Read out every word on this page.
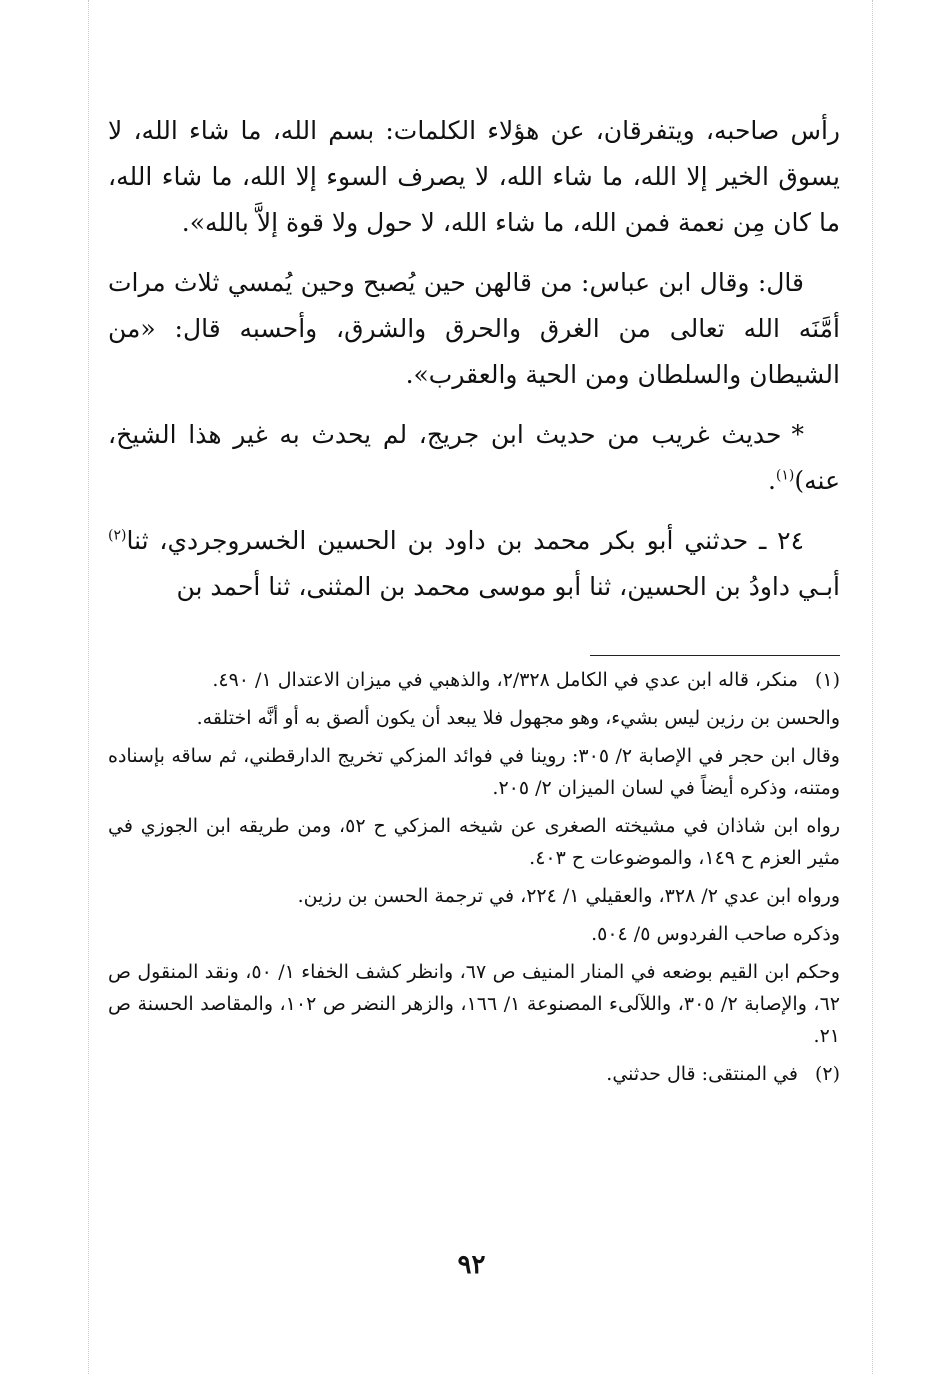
رأس صاحبه، ويتفرقان، عن هؤلاء الكلمات: بسم الله، ما شاء الله، لا يسوق الخير إلا الله، ما شاء الله، لا يصرف السوء إلا الله، ما شاء الله، ما كان مِن نعمة فمن الله، ما شاء الله، لا حول ولا قوة إلاَّ بالله».

قال: وقال ابن عباس: من قالهن حين يُصبح وحين يُمسي ثلاث مرات أمَّنَه الله تعالى من الغرق والحرق والشرق، وأحسبه قال: «من الشيطان والسلطان ومن الحية والعقرب».

*حديث غريب من حديث ابن جريج، لم يحدث به غير هذا الشيخ، عنه)$^{(١)}$.

٢٤ ـ حدثني أبو بكر محمد بن داود بن الحسين الخسروجردي، ثنا$^{(٢)}$ أبـي داودُ بن الحسين، ثنا أبو موسى محمد بن المثنى، ثنا أحمد بن

(١)منكر، قاله ابن عدي في الكامل ٢/٣٢٨، والذهبي في ميزان الاعتدال ١/ ٤٩٠.

والحسن بن رزين ليس بشيء، وهو مجهول فلا يبعد أن يكون ألصق به أو أنَّه اختلقه.

وقال ابن حجر في الإصابة ٢/ ٣٠٥: روينا في فوائد المزكي تخريج الدارقطني، ثم ساقه بإسناده ومتنه، وذكره أيضاً في لسان الميزان ٢/ ٢٠٥.

رواه ابن شاذان في مشيخته الصغرى عن شيخه المزكي ح ٥٢، ومن طريقه ابن الجوزي في مثير العزم ح ١٤٩، والموضوعات ح ٤٠٣.

ورواه ابن عدي ٢/ ٣٢٨، والعقيلي ١/ ٢٢٤، في ترجمة الحسن بن رزين.

وذكره صاحب الفردوس ٥/ ٥٠٤.

وحكم ابن القيم بوضعه في المنار المنيف ص ٦٧، وانظر كشف الخفاء ١/ ٥٠، ونقد المنقول ص ٦٢، والإصابة ٢/ ٣٠٥، واللآلىء المصنوعة ١/ ١٦٦، والزهر النضر ص ١٠٢، والمقاصد الحسنة ص ٢١.

(٢)في المنتقى: قال حدثني.

٩٢
